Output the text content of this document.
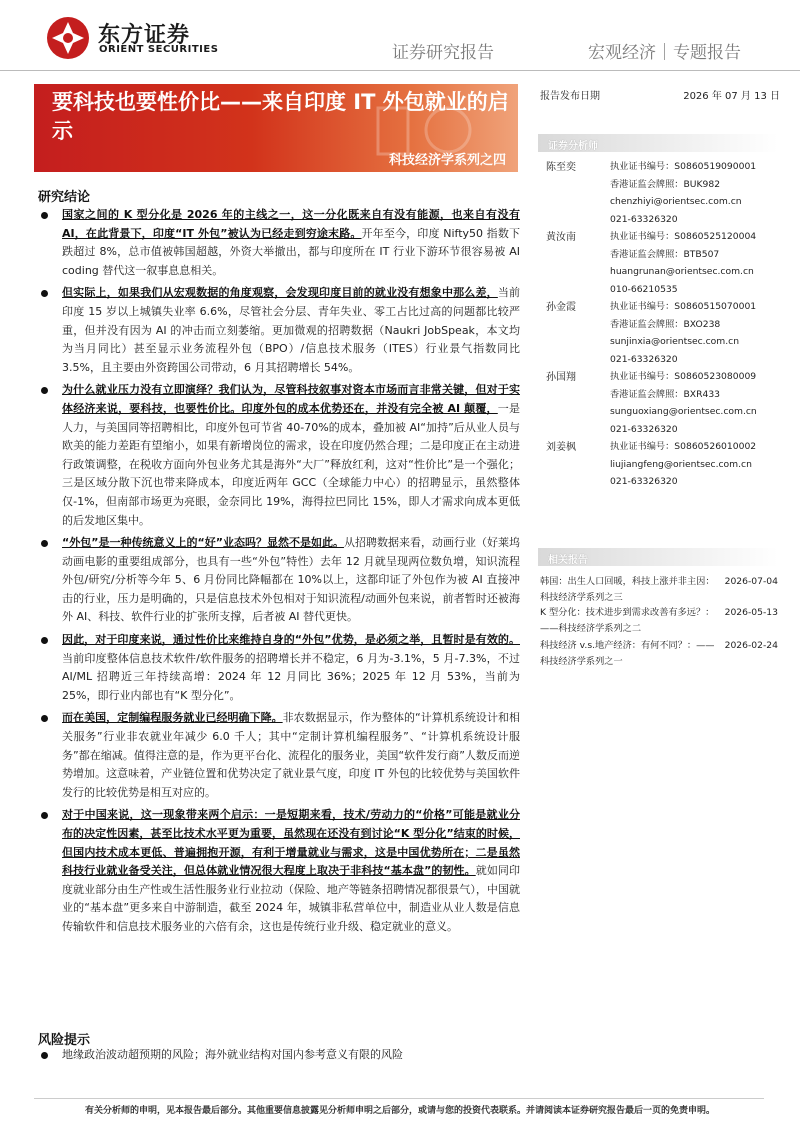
东方证券
ORIENT SECURITIES	证券研究报告	宏观经济｜专题报告
要科技也要性价比——来自印度 IT 外包就业的启示
科技经济学系列之四
研究结论
国家之间的 K 型分化是 2026 年的主线之一，这一分化既来自有没有能源，也来自有没有 AI，在此背景下，印度“IT 外包”被认为已经走到穷途末路。开年至今，印度 Nifty50 指数下跌超过 8%，总市值被韩国超越，外资大举撤出，都与印度所在 IT 行业下游环节很容易被 AI coding 替代这一叙事息息相关。
但实际上，如果我们从宏观数据的角度观察，会发现印度目前的就业没有想象中那么差，当前印度 15 岁以上城镇失业率 6.6%，尽管社会分层、青年失业、零工占比过高的问题都比较严重，但并没有因为 AI 的冲击而立刻萎缩。更加微观的招聘数据（Naukri JobSpeak，本文均为当月同比）甚至显示业务流程外包（BPO）/信息技术服务（ITES）行业景气指数同比 3.5%，且主要由外资跨国公司带动，6 月其招聘增长 54%。
为什么就业压力没有立即演绎？我们认为，尽管科技叙事对资本市场而言非常关键，但对于实体经济来说，要科技，也要性价比。印度外包的成本优势还在，并没有完全被 AI 颠覆，一是人力，与美国同等招聘相比，印度外包可节省 40-70%的成本，叠加被 AI“加持”后从业人员与欧美的能力差距有望缩小，如果有新增岗位的需求，设在印度仍然合理；二是印度正在主动进行政策调整，在税收方面向外包业务尤其是海外“大厂”释放红利，这对“性价比”是一个强化；三是区域分散下沉也带来降成本，印度近两年 GCC（全球能力中心）的招聘显示，虽然整体仅-1%，但南部市场更为亮眼，金奈同比 19%，海得拉巴同比 15%，即人才需求向成本更低的后发地区集中。
“外包”是一种传统意义上的“好”业态吗？显然不是如此。从招聘数据来看，动画行业（好莱坞动画电影的重要组成部分，也具有一些“外包”特性）去年 12 月就呈现两位数负增，知识流程外包/研究/分析等今年 5、6 月份同比降幅都在 10%以上，这都印证了外包作为被 AI 直接冲击的行业，压力是明确的，只是信息技术外包相对于知识流程/动画外包来说，前者暂时还被海外 AI、科技、软件行业的扩张所支撑，后者被 AI 替代更快。
因此，对于印度来说，通过性价比来维持自身的“外包”优势，是必须之举，且暂时是有效的。当前印度整体信息技术软件/软件服务的招聘增长并不稳定，6 月为-3.1%，5 月-7.3%，不过 AI/ML 招聘近三年持续高增：2024 年 12 月同比 36%；2025 年 12 月 53%，当前为 25%，即行业内部也有“K 型分化”。
而在美国，定制编程服务就业已经明确下降。非农数据显示，作为整体的“计算机系统设计和相关服务”行业非农就业年减少 6.0 千人；其中“定制计算机编程服务”、“计算机系统设计服务”都在缩减。值得注意的是，作为更平台化、流程化的服务业，美国“软件发行商”人数反而逆势增加。这意味着，产业链位置和优势决定了就业景气度，印度 IT 外包的比较优势与美国软件发行的比较优势是相互对应的。
对于中国来说，这一现象带来两个启示：一是短期来看，技术/劳动力的“价格”可能是就业分布的决定性因素，甚至比技术水平更为重要，虽然现在还没有到讨论“K 型分化”结束的时候，但国内技术成本更低、普遍拥抱开源，有利于增量就业与需求，这是中国优势所在；二是虽然科技行业就业备受关注，但总体就业情况很大程度上取决于非科技“基本盘”的韧性。就如同印度就业部分由生产性或生活性服务业行业拉动（保险、地产等链条招聘情况都很景气），中国就业的“基本盘”更多来自中游制造，截至 2024 年，城镇非私营单位中，制造业从业人数是信息传输软件和信息技术服务业的六倍有余，这也是传统行业升级、稳定就业的意义。
风险提示
地缘政治波动超预期的风险；海外就业结构对国内参考意义有限的风险
报告发布日期	2026 年 07 月 13 日
证券分析师
陈至奕	执业证书编号：S0860519090001
香港证监会牌照：BUK982
chenzhiyi@orientsec.com.cn
021-63326320
黄汝南	执业证书编号：S0860525120004
香港证监会牌照：BTB507
huangrunan@orientsec.com.cn
010-66210535
孙金霞	执业证书编号：S0860515070001
香港证监会牌照：BXO238
sunjinxia@orientsec.com.cn
021-63326320
孙国翔	执业证书编号：S0860523080009
香港证监会牌照：BXR433
sunguoxiang@orientsec.com.cn
021-63326320
刘姜枫	执业证书编号：S0860526010002
liujiangfeng@orientsec.com.cn
021-63326320
相关报告
韩国：出生人口回暖，科技上涨并非主因：科技经济学系列之三
2026-07-04
K 型分化：技术进步到需求改善有多远？：——科技经济学系列之二
2026-05-13
科技经济 v.s.地产经济：有何不同？：——科技经济学系列之一
2026-02-24
有关分析师的申明，见本报告最后部分。其他重要信息披露见分析师申明之后部分，或请与您的投资代表联系。并请阅读本证券研究报告最后一页的免责申明。
